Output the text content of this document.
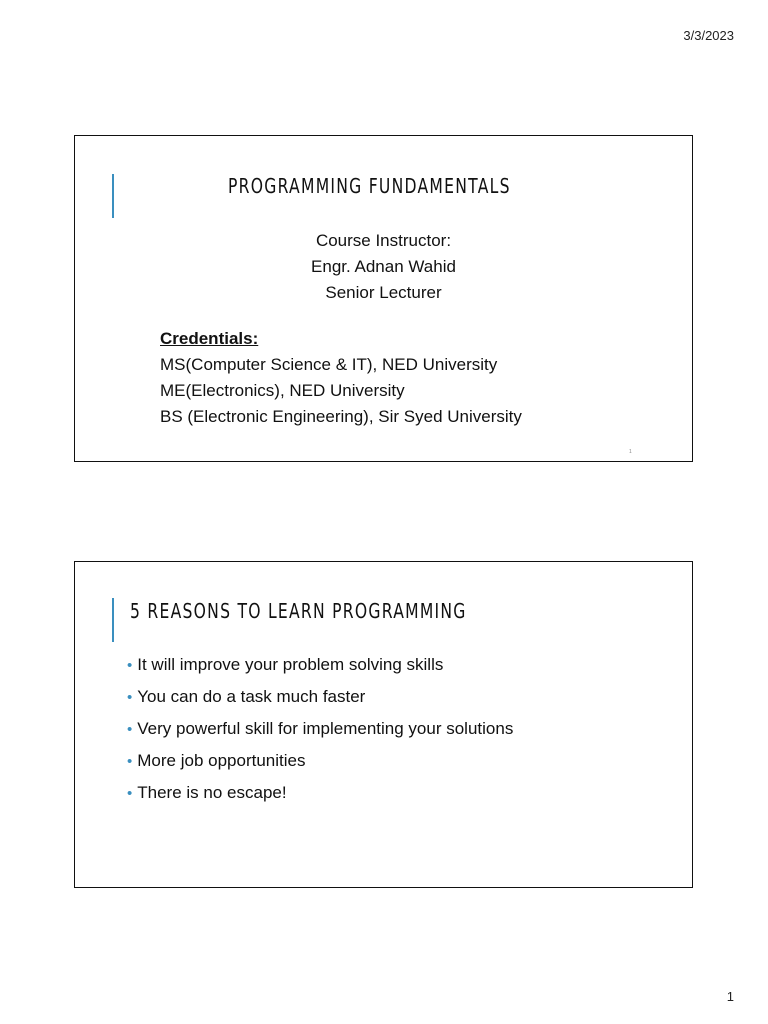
3/3/2023
PROGRAMMING FUNDAMENTALS
Course Instructor:
Engr. Adnan Wahid
Senior Lecturer
Credentials:
MS(Computer Science & IT), NED University
ME(Electronics), NED University
BS (Electronic Engineering), Sir Syed University
1
5 REASONS TO LEARN PROGRAMMING
• It will improve your problem solving skills
• You can do a task much faster
• Very powerful skill for implementing your solutions
• More job opportunities
• There is no escape!
1
